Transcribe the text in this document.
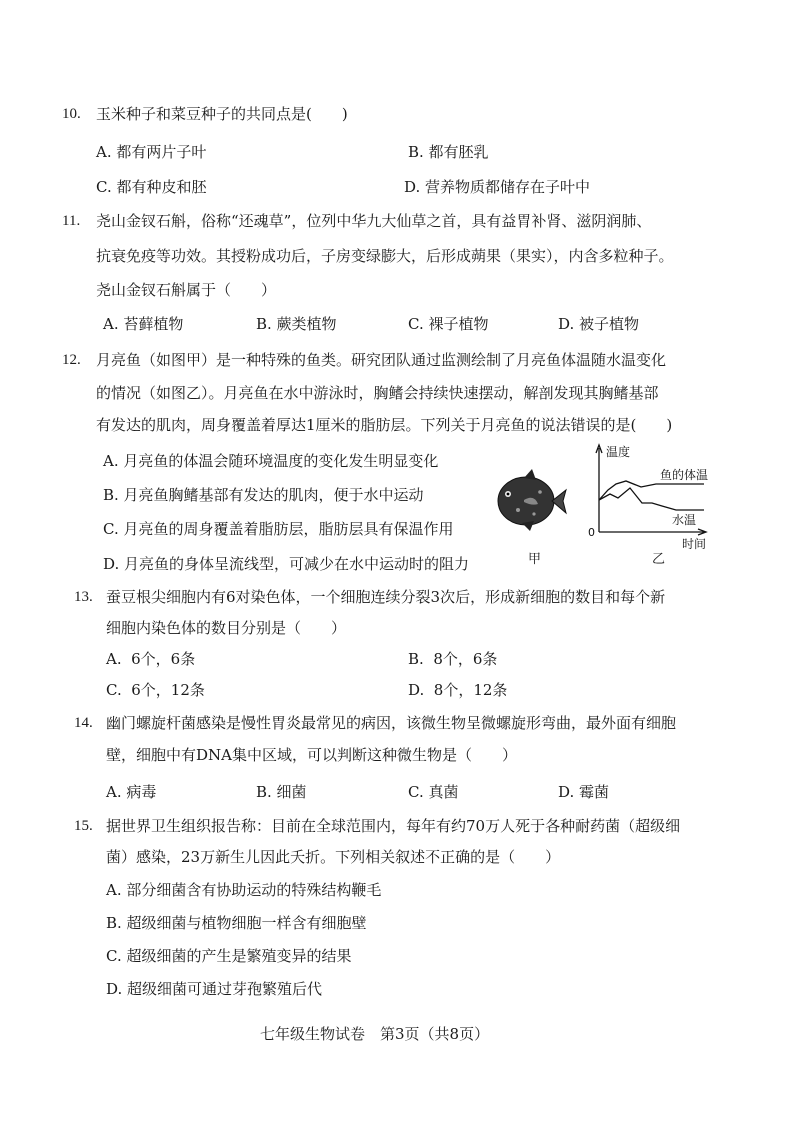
10. 玉米种子和菜豆种子的共同点是(　　)
A. 都有两片子叶	B. 都有胚乳
C. 都有种皮和胚	D. 营养物质都储存在子叶中
11. 尧山金钗石斛，俗称“还魂草”，位列中华九大仙草之首，具有益胃补肾、滋阴润肺、
抗衰免疫等功效。其授粉成功后，子房变绿膨大，后形成蒴果（果实），内含多粒种子。
尧山金钗石斛属于（　　）
A. 苔藓植物	B. 蕨类植物	C. 裸子植物	D. 被子植物
12. 月亮鱼（如图甲）是一种特殊的鱼类。研究团队通过监测绘制了月亮鱼体温随水温变化
的情况（如图乙）。月亮鱼在水中游泳时，胸鳍会持续快速摆动，解剖发现其胸鳍基部
有发达的肌肉，周身覆盖着厚达1厘米的脂肪层。下列关于月亮鱼的说法错误的是(　　)
A. 月亮鱼的体温会随环境温度的变化发生明显变化
B. 月亮鱼胸鳍基部有发达的肌肉，便于水中运动
C. 月亮鱼的周身覆盖着脂肪层，脂肪层具有保温作用
D. 月亮鱼的身体呈流线型，可减少在水中运动时的阻力	甲
温度
0
时间
鱼的体温
水温
乙
13. 蚕豆根尖细胞内有6对染色体，一个细胞连续分裂3次后，形成新细胞的数目和每个新
细胞内染色体的数目分别是（　　）
A.  6个，6条	B.  8个，6条
C.  6个，12条	D.  8个，12条
14. 幽门螺旋杆菌感染是慢性胃炎最常见的病因，该微生物呈微螺旋形弯曲，最外面有细胞
壁，细胞中有DNA集中区域，可以判断这种微生物是（　　）
A. 病毒	B. 细菌	C. 真菌	D. 霉菌
15. 据世界卫生组织报告称：目前在全球范围内，每年有约70万人死于各种耐药菌（超级细
菌）感染，23万新生儿因此夭折。下列相关叙述不正确的是（　　）
A. 部分细菌含有协助运动的特殊结构鞭毛
B. 超级细菌与植物细胞一样含有细胞壁
C. 超级细菌的产生是繁殖变异的结果
D. 超级细菌可通过芽孢繁殖后代
七年级生物试卷　第3页（共8页）
